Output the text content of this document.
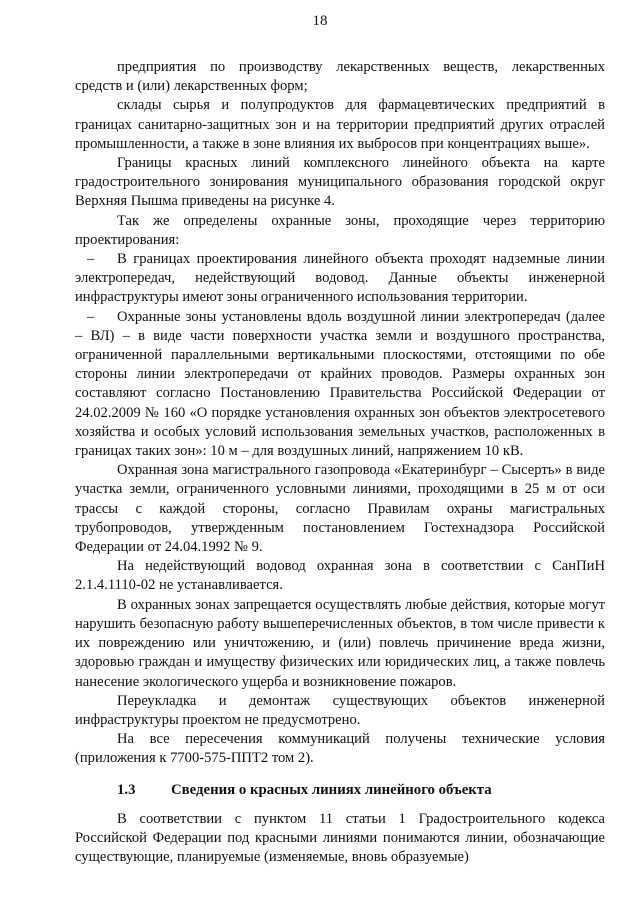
18

предприятия по производству лекарственных веществ, лекарственных средств и (или) лекарственных форм;

склады сырья и полупродуктов для фармацевтических предприятий в границах санитарно-защитных зон и на территории предприятий других отраслей промышленности, а также в зоне влияния их выбросов при концентрациях выше».

Границы красных линий комплексного линейного объекта на карте градостроительного зонирования муниципального образования городской округ Верхняя Пышма приведены на рисунке 4.

Так же определены охранные зоны, проходящие через территорию проектирования:

– В границах проектирования линейного объекта проходят надземные линии электропередач, недействующий водовод. Данные объекты инженерной инфраструктуры имеют зоны ограниченного использования территории.

– Охранные зоны установлены вдоль воздушной линии электропередач (далее – ВЛ) – в виде части поверхности участка земли и воздушного пространства, ограниченной параллельными вертикальными плоскостями, отстоящими по обе стороны линии электропередачи от крайних проводов. Размеры охранных зон составляют согласно Постановлению Правительства Российской Федерации от 24.02.2009 № 160 «О порядке установления охранных зон объектов электросетевого хозяйства и особых условий использования земельных участков, расположенных в границах таких зон»: 10 м – для воздушных линий, напряжением 10 кВ.

Охранная зона магистрального газопровода «Екатеринбург – Сысерть» в виде участка земли, ограниченного условными линиями, проходящими в 25 м от оси трассы с каждой стороны, согласно Правилам охраны магистральных трубопроводов, утвержденным постановлением Гостехнадзора Российской Федерации от 24.04.1992 № 9.

На недействующий водовод охранная зона в соответствии с СанПиН 2.1.4.1110-02 не устанавливается.

В охранных зонах запрещается осуществлять любые действия, которые могут нарушить безопасную работу вышеперечисленных объектов, в том числе привести к их повреждению или уничтожению, и (или) повлечь причинение вреда жизни, здоровью граждан и имуществу физических или юридических лиц, а также повлечь нанесение экологического ущерба и возникновение пожаров.

Переукладка и демонтаж существующих объектов инженерной инфраструктуры проектом не предусмотрено.

На все пересечения коммуникаций получены технические условия (приложения к 7700-575-ППТ2 том 2).

1.3 Сведения о красных линиях линейного объекта

В соответствии с пунктом 11 статьи 1 Градостроительного кодекса Российской Федерации под красными линиями понимаются линии, обозначающие существующие, планируемые (изменяемые, вновь образуемые)
